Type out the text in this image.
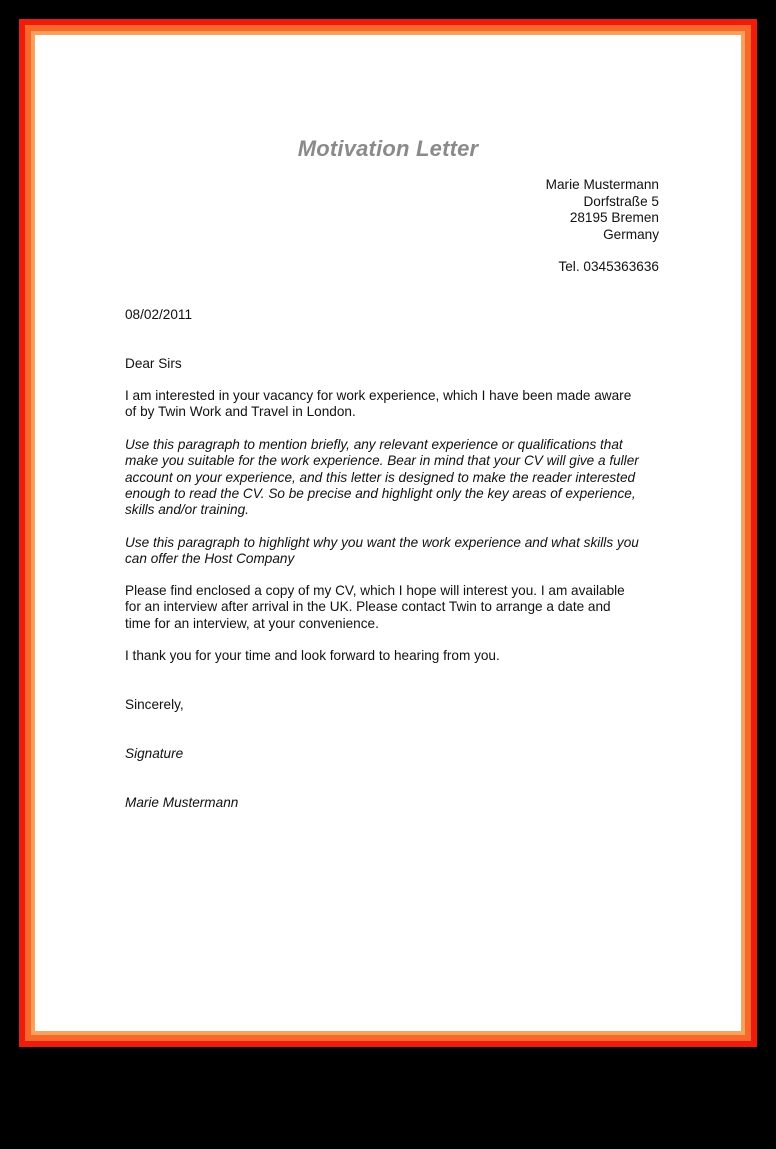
Motivation Letter
Marie Mustermann
Dorfstraße 5
28195 Bremen
Germany
Tel. 0345363636
08/02/2011
Dear Sirs
I am interested in your vacancy for work experience, which I have been made aware
of by Twin Work and Travel in London.
Use this paragraph to mention briefly, any relevant experience or qualifications that
make you suitable for the work experience. Bear in mind that your CV will give a fuller
account on your experience, and this letter is designed to make the reader interested
enough to read the CV. So be precise and highlight only the key areas of experience,
skills and/or training.
Use this paragraph to highlight why you want the work experience and what skills you
can offer the Host Company
Please find enclosed a copy of my CV, which I hope will interest you. I am available
for an interview after arrival in the UK. Please contact Twin to arrange a date and
time for an interview, at your convenience.
I thank you for your time and look forward to hearing from you.
Sincerely,
Signature
Marie Mustermann
